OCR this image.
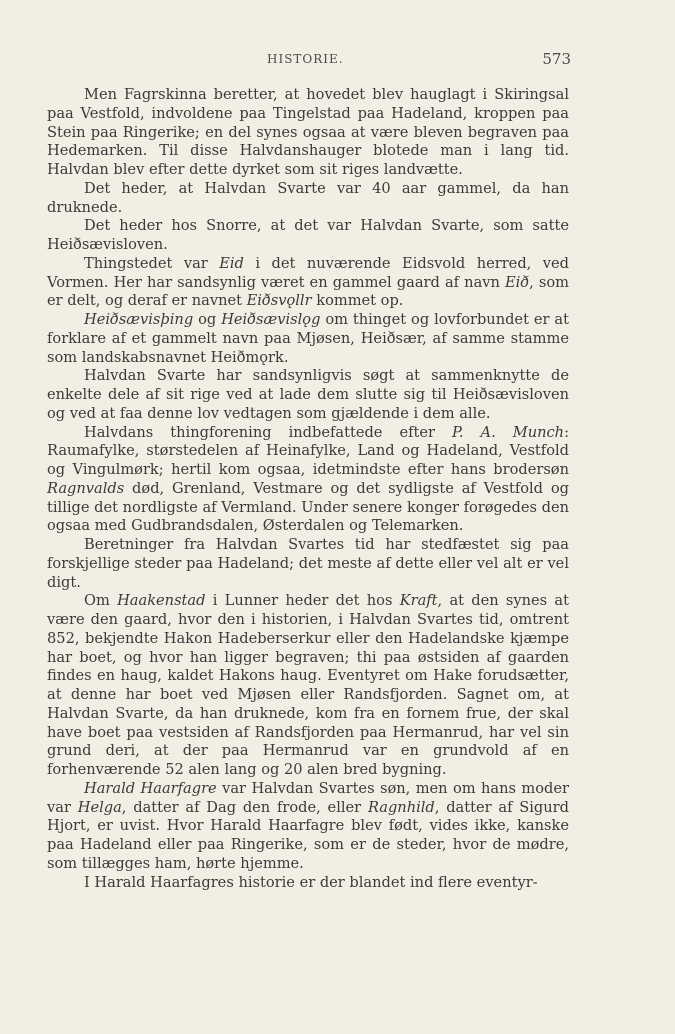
HISTORIE.	573

Men Fagrskinna beretter, at hovedet blev hauglagt i Skiringsal paa Vestfold, indvoldene paa Tingelstad paa Hadeland, kroppen paa Stein paa Ringerike; en del synes ogsaa at være bleven begraven paa Hedemarken. Til disse Halvdanshauger blotede man i lang tid. Halvdan blev efter dette dyrket som sit riges landvætte.

Det heder, at Halvdan Svarte var 40 aar gammel, da han druknede.

Det heder hos Snorre, at det var Halvdan Svarte, som satte Heiðsævisloven.

Thingstedet var Eid i det nuværende Eidsvold herred, ved Vormen. Her har sandsynlig været en gammel gaard af navn Eið, som er delt, og deraf er navnet Eiðsvǫllr kommet op.

Heiðsævisþing og Heiðsævislǫg om thinget og lovforbundet er at forklare af et gammelt navn paa Mjøsen, Heiðsær, af samme stamme som landskabsnavnet Heiðmǫrk.

Halvdan Svarte har sandsynligvis søgt at sammenknytte de enkelte dele af sit rige ved at lade dem slutte sig til Heiðsævisloven og ved at faa denne lov vedtagen som gjældende i dem alle.

Halvdans thingforening indbefattede efter P. A. Munch: Raumafylke, størstedelen af Heinafylke, Land og Hadeland, Vestfold og Vingulmørk; hertil kom ogsaa, idetmindste efter hans brodersøn Ragnvalds død, Grenland, Vestmare og det sydligste af Vestfold og tillige det nordligste af Vermland. Under senere konger forøgedes den ogsaa med Gudbrandsdalen, Østerdalen og Telemarken.

Beretninger fra Halvdan Svartes tid har stedfæstet sig paa forskjellige steder paa Hadeland; det meste af dette eller vel alt er vel digt.

Om Haakenstad i Lunner heder det hos Kraft, at den synes at være den gaard, hvor den i historien, i Halvdan Svartes tid, omtrent 852, bekjendte Hakon Hadeberserkur eller den Hadelandske kjæmpe har boet, og hvor han ligger begraven; thi paa østsiden af gaarden findes en haug, kaldet Hakons haug. Eventyret om Hake forudsætter, at denne har boet ved Mjøsen eller Randsfjorden. Sagnet om, at Halvdan Svarte, da han druknede, kom fra en fornem frue, der skal have boet paa vestsiden af Randsfjorden paa Hermanrud, har vel sin grund deri, at der paa Hermanrud var en grundvold af en forhenværende 52 alen lang og 20 alen bred bygning.

Harald Haarfagre var Halvdan Svartes søn, men om hans moder var Helga, datter af Dag den frode, eller Ragnhild, datter af Sigurd Hjort, er uvist. Hvor Harald Haarfagre blev født, vides ikke, kanske paa Hadeland eller paa Ringerike, som er de steder, hvor de mødre, som tillægges ham, hørte hjemme.

I Harald Haarfagres historie er der blandet ind flere eventyr-
